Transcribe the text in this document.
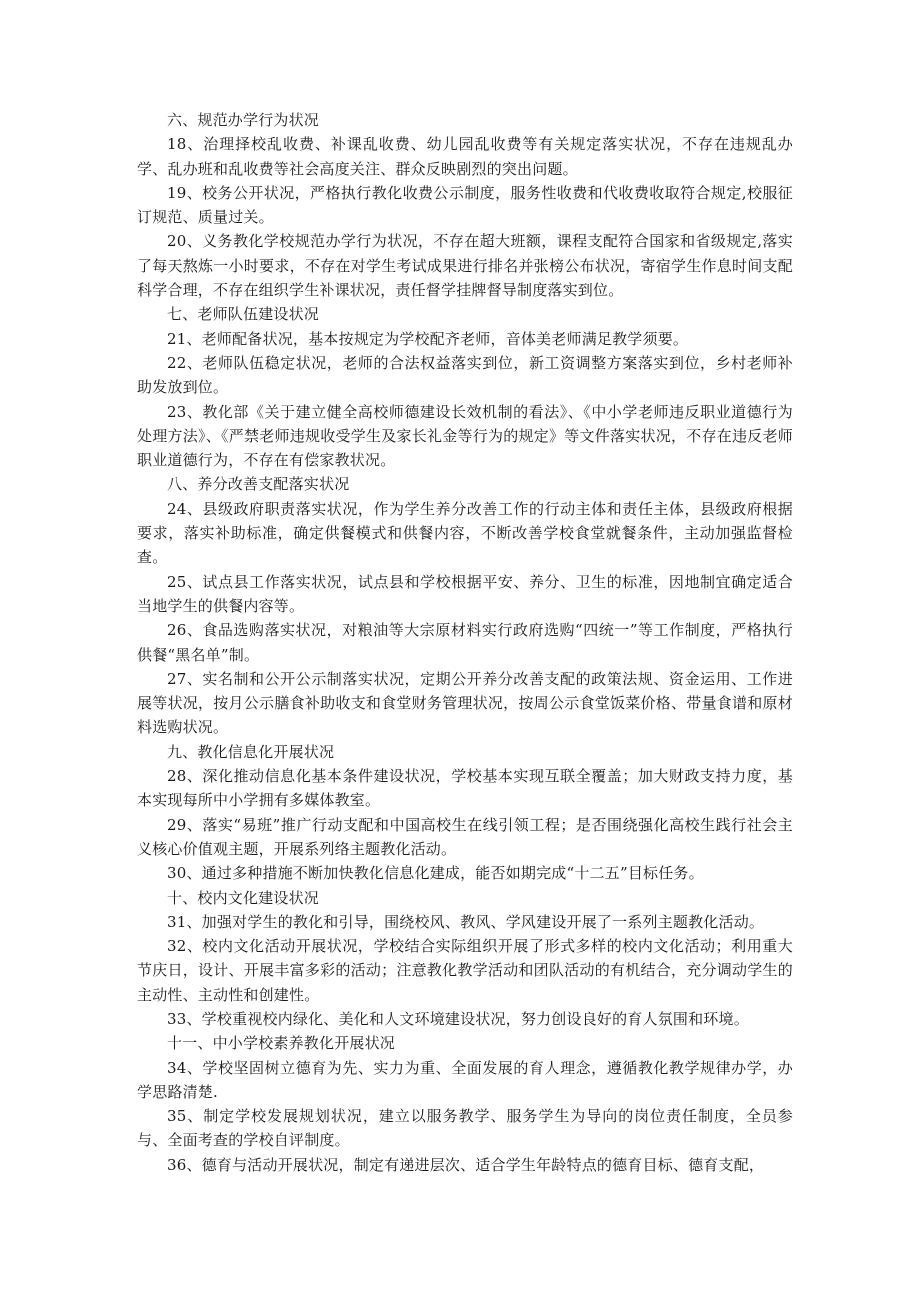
六、规范办学行为状况

18、治理择校乱收费、补课乱收费、幼儿园乱收费等有关规定落实状况，不存在违规乱办学、乱办班和乱收费等社会高度关注、群众反映剧烈的突出问题。

19、校务公开状况，严格执行教化收费公示制度，服务性收费和代收费收取符合规定,校服征订规范、质量过关。

20、义务教化学校规范办学行为状况，不存在超大班额，课程支配符合国家和省级规定,落实了每天熬炼一小时要求，不存在对学生考试成果进行排名并张榜公布状况，寄宿学生作息时间支配科学合理，不存在组织学生补课状况，责任督学挂牌督导制度落实到位。

七、老师队伍建设状况

21、老师配备状况，基本按规定为学校配齐老师，音体美老师满足教学须要。

22、老师队伍稳定状况，老师的合法权益落实到位，新工资调整方案落实到位，乡村老师补助发放到位。

23、教化部《关于建立健全高校师德建设长效机制的看法》、《中小学老师违反职业道德行为处理方法》、《严禁老师违规收受学生及家长礼金等行为的规定》等文件落实状况，不存在违反老师职业道德行为，不存在有偿家教状况。

八、养分改善支配落实状况

24、县级政府职责落实状况，作为学生养分改善工作的行动主体和责任主体，县级政府根据要求，落实补助标准，确定供餐模式和供餐内容，不断改善学校食堂就餐条件，主动加强监督检查。

25、试点县工作落实状况，试点县和学校根据平安、养分、卫生的标准，因地制宜确定适合当地学生的供餐内容等。

26、食品选购落实状况，对粮油等大宗原材料实行政府选购“四统一”等工作制度，严格执行供餐“黑名单”制。

27、实名制和公开公示制落实状况，定期公开养分改善支配的政策法规、资金运用、工作进展等状况，按月公示膳食补助收支和食堂财务管理状况，按周公示食堂饭菜价格、带量食谱和原材料选购状况。

九、教化信息化开展状况

28、深化推动信息化基本条件建设状况，学校基本实现互联全覆盖；加大财政支持力度，基本实现每所中小学拥有多媒体教室。

29、落实“易班”推广行动支配和中国高校生在线引领工程；是否围绕强化高校生践行社会主义核心价值观主题，开展系列络主题教化活动。

30、通过多种措施不断加快教化信息化建成，能否如期完成“十二五”目标任务。

十、校内文化建设状况

31、加强对学生的教化和引导，围绕校风、教风、学风建设开展了一系列主题教化活动。

32、校内文化活动开展状况，学校结合实际组织开展了形式多样的校内文化活动；利用重大节庆日，设计、开展丰富多彩的活动；注意教化教学活动和团队活动的有机结合，充分调动学生的主动性、主动性和创建性。

33、学校重视校内绿化、美化和人文环境建设状况，努力创设良好的育人氛围和环境。

十一、中小学校素养教化开展状况

34、学校坚固树立德育为先、实力为重、全面发展的育人理念，遵循教化教学规律办学，办学思路清楚.

35、制定学校发展规划状况，建立以服务教学、服务学生为导向的岗位责任制度，全员参与、全面考查的学校自评制度。

36、德育与活动开展状况，制定有递进层次、适合学生年龄特点的德育目标、德育支配，
